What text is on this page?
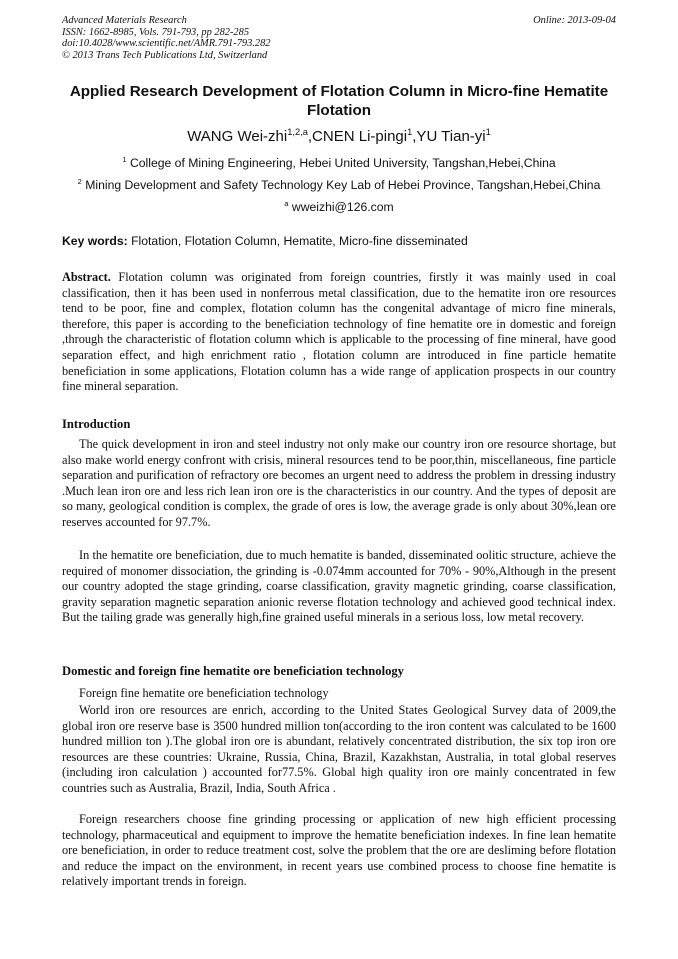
Advanced Materials Research
ISSN: 1662-8985, Vols. 791-793, pp 282-285
doi:10.4028/www.scientific.net/AMR.791-793.282
© 2013 Trans Tech Publications Ltd, Switzerland
Online: 2013-09-04
Applied Research Development of Flotation Column in Micro-fine Hematite Flotation
WANG Wei-zhi$^{1,2,a}$,CNEN Li-pingi$^1$,YU Tian-$yi^1$
$^1$ College of Mining Engineering, Hebei United University, Tangshan,Hebei,China
$^2$ Mining Development and Safety Technology Key Lab of Hebei Province, Tangshan,Hebei,China
$^a$ wweizhi@126.com
Key words: Flotation, Flotation Column, Hematite, Micro-fine disseminated
Abstract. Flotation column was originated from foreign countries, firstly it was mainly used in coal classification, then it has been used in nonferrous metal classification, due to the hematite iron ore resources tend to be poor, fine and complex, flotation column has the congenital advantage of micro fine minerals, therefore, this paper is according to the beneficiation technology of fine hematite ore in domestic and foreign ,through the characteristic of flotation column which is applicable to the processing of fine mineral, have good separation effect, and high enrichment ratio , flotation column are introduced in fine particle hematite beneficiation in some applications, Flotation column has a wide range of application prospects in our country fine mineral separation.
Introduction

The quick development in iron and steel industry not only make our country iron ore resource shortage, but also make world energy confront with crisis, mineral resources tend to be poor,thin, miscellaneous, fine particle separation and purification of refractory ore becomes an urgent need to address the problem in dressing industry .Much lean iron ore and less rich lean iron ore is the characteristics in our country. And the types of deposit are so many, geological condition is complex, the grade of ores is low, the average grade is only about 30%,lean ore reserves accounted for 97.7%.

In the hematite ore beneficiation, due to much hematite is banded, disseminated oolitic structure, achieve the required of monomer dissociation, the grinding is -0.074mm accounted for 70% - 90%,Although in the present our country adopted the stage grinding, coarse classification, gravity magnetic grinding, coarse classification, gravity separation magnetic separation anionic reverse flotation technology and achieved good technical index. But the tailing grade was generally high,fine grained useful minerals in a serious loss, low metal recovery.

Domestic and foreign fine hematite ore beneficiation technology

Foreign fine hematite ore beneficiation technology

World iron ore resources are enrich, according to the United States Geological Survey data of 2009,the global iron ore reserve base is 3500 hundred million ton(according to the iron content was calculated to be 1600 hundred million ton ).The global iron ore is abundant, relatively concentrated distribution, the six top iron ore resources are these countries: Ukraine, Russia, China, Brazil, Kazakhstan, Australia, in total global reserves (including iron calculation ) accounted for77.5%. Global high quality iron ore mainly concentrated in few countries such as Australia, Brazil, India, South Africa .

Foreign researchers choose fine grinding processing or application of new high efficient processing technology, pharmaceutical and equipment to improve the hematite beneficiation indexes. In fine lean hematite ore beneficiation, in order to reduce treatment cost, solve the problem that the ore are desliming before flotation and reduce the impact on the environment, in recent years use combined process to choose fine hematite is relatively important trends in foreign.
